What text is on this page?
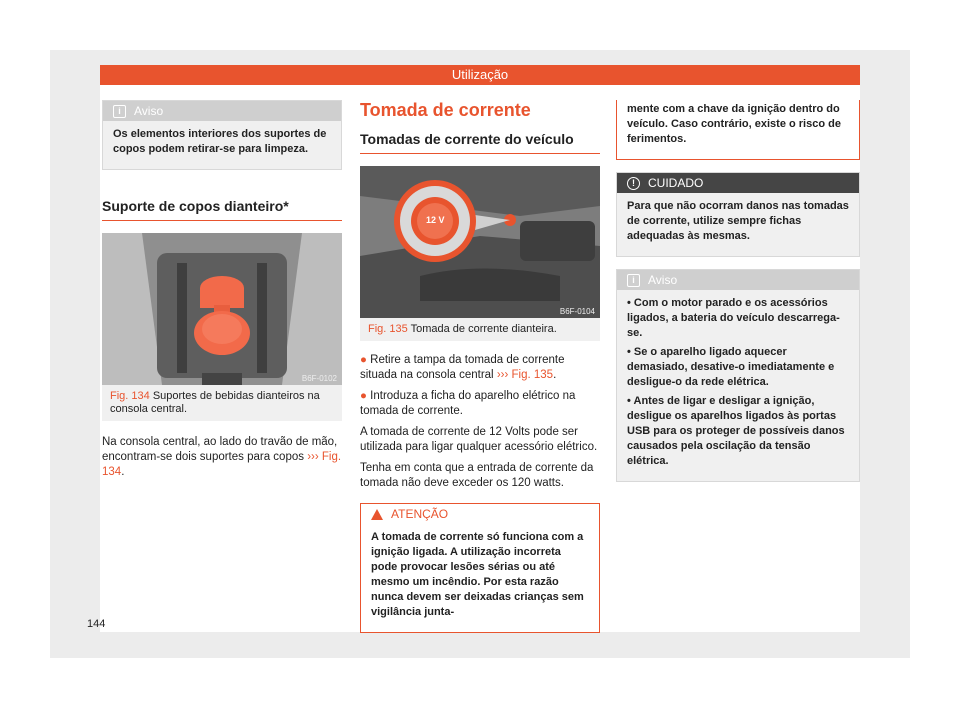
Utilização
i	Aviso

Os elementos interiores dos suportes de copos podem retirar-se para limpeza.

Suporte de copos dianteiro*
B6F-0102
Fig. 134 Suportes de bebidas dianteiros na consola central.

Na consola central, ao lado do travão de mão, encontram-se dois suportes para copos ››› Fig. 134.

Tomada de corrente
Tomadas de corrente do veículo
12 V
B6F-0104
Fig. 135 Tomada de corrente dianteira.

● Retire a tampa da tomada de corrente situada na consola central ››› Fig. 135.

● Introduza a ficha do aparelho elétrico na tomada de corrente.

A tomada de corrente de 12 Volts pode ser utilizada para ligar qualquer acessório elétrico.

Tenha em conta que a entrada de corrente da tomada não deve exceder os 120 watts.

ATENÇÃO

A tomada de corrente só funciona com a ignição ligada. A utilização incorreta pode provocar lesões sérias ou até mesmo um incêndio. Por esta razão nunca devem ser deixadas crianças sem vigilância junta-

mente com a chave da ignição dentro do veículo. Caso contrário, existe o risco de ferimentos.

!	CUIDADO

Para que não ocorram danos nas tomadas de corrente, utilize sempre fichas adequadas às mesmas.

i	Aviso

• Com o motor parado e os acessórios ligados, a bateria do veículo descarrega-se.

• Se o aparelho ligado aquecer demasiado, desative-o imediatamente e desligue-o da rede elétrica.

• Antes de ligar e desligar a ignição, desligue os aparelhos ligados às portas USB para os proteger de possíveis danos causados pela oscilação da tensão elétrica.

144
